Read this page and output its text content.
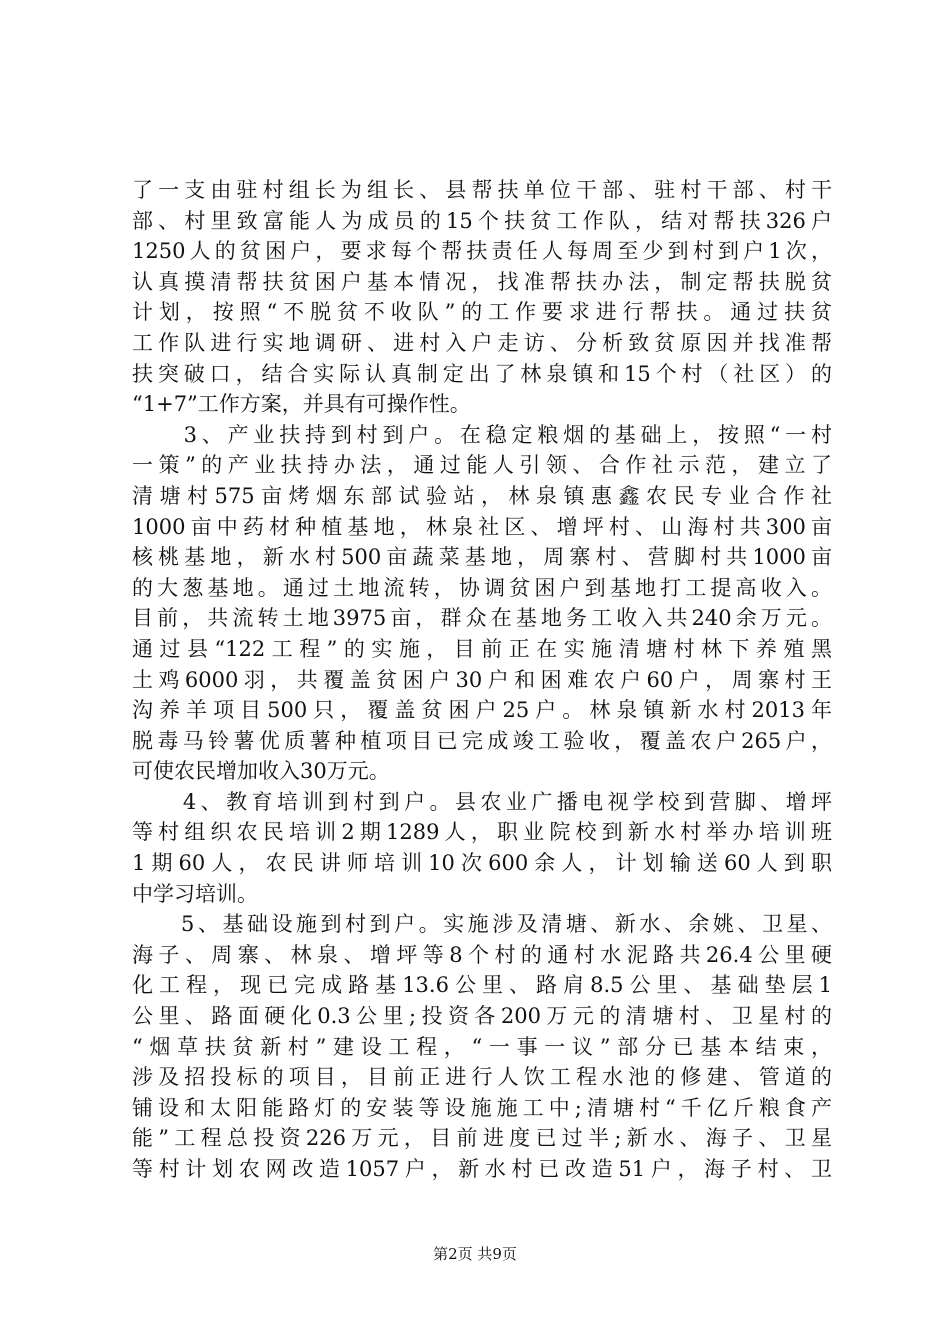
了一支由驻村组长为组长、县帮扶单位干部、驻村干部、村干
部、村里致富能人为成员的15个扶贫工作队，结对帮扶326户
1250人的贫困户，要求每个帮扶责任人每周至少到村到户1次，
认真摸清帮扶贫困户基本情况，找准帮扶办法，制定帮扶脱贫
计划，按照“不脱贫不收队”的工作要求进行帮扶。通过扶贫
工作队进行实地调研、进村入户走访、分析致贫原因并找准帮
扶突破口，结合实际认真制定出了林泉镇和15个村（社区）的
“1+7”工作方案，并具有可操作性。
　　3、产业扶持到村到户。在稳定粮烟的基础上，按照“一村
一策”的产业扶持办法，通过能人引领、合作社示范，建立了
清塘村575亩烤烟东部试验站，林泉镇惠鑫农民专业合作社
1000亩中药材种植基地，林泉社区、增坪村、山海村共300亩
核桃基地，新水村500亩蔬菜基地，周寨村、营脚村共1000亩
的大葱基地。通过土地流转，协调贫困户到基地打工提高收入。
目前，共流转土地3975亩，群众在基地务工收入共240余万元。
通过县“122工程”的实施，目前正在实施清塘村林下养殖黑
土鸡6000羽，共覆盖贫困户30户和困难农户60户，周寨村王
沟养羊项目500只，覆盖贫困户25户。林泉镇新水村2013年
脱毒马铃薯优质薯种植项目已完成竣工验收，覆盖农户265户，
可使农民增加收入30万元。
　　4、教育培训到村到户。县农业广播电视学校到营脚、增坪
等村组织农民培训2期1289人，职业院校到新水村举办培训班
1期60人，农民讲师培训10次600余人，计划输送60人到职
中学习培训。
　　5、基础设施到村到户。实施涉及清塘、新水、余姚、卫星、
海子、周寨、林泉、增坪等8个村的通村水泥路共26.4公里硬
化工程，现已完成路基13.6公里、路肩8.5公里、基础垫层1
公里、路面硬化0.3公里;投资各200万元的清塘村、卫星村的
“烟草扶贫新村”建设工程，“一事一议”部分已基本结束，
涉及招投标的项目，目前正进行人饮工程水池的修建、管道的
铺设和太阳能路灯的安装等设施施工中;清塘村“千亿斤粮食产
能”工程总投资226万元，目前进度已过半;新水、海子、卫星
等村计划农网改造1057户，新水村已改造51户，海子村、卫
第2页 共9页
